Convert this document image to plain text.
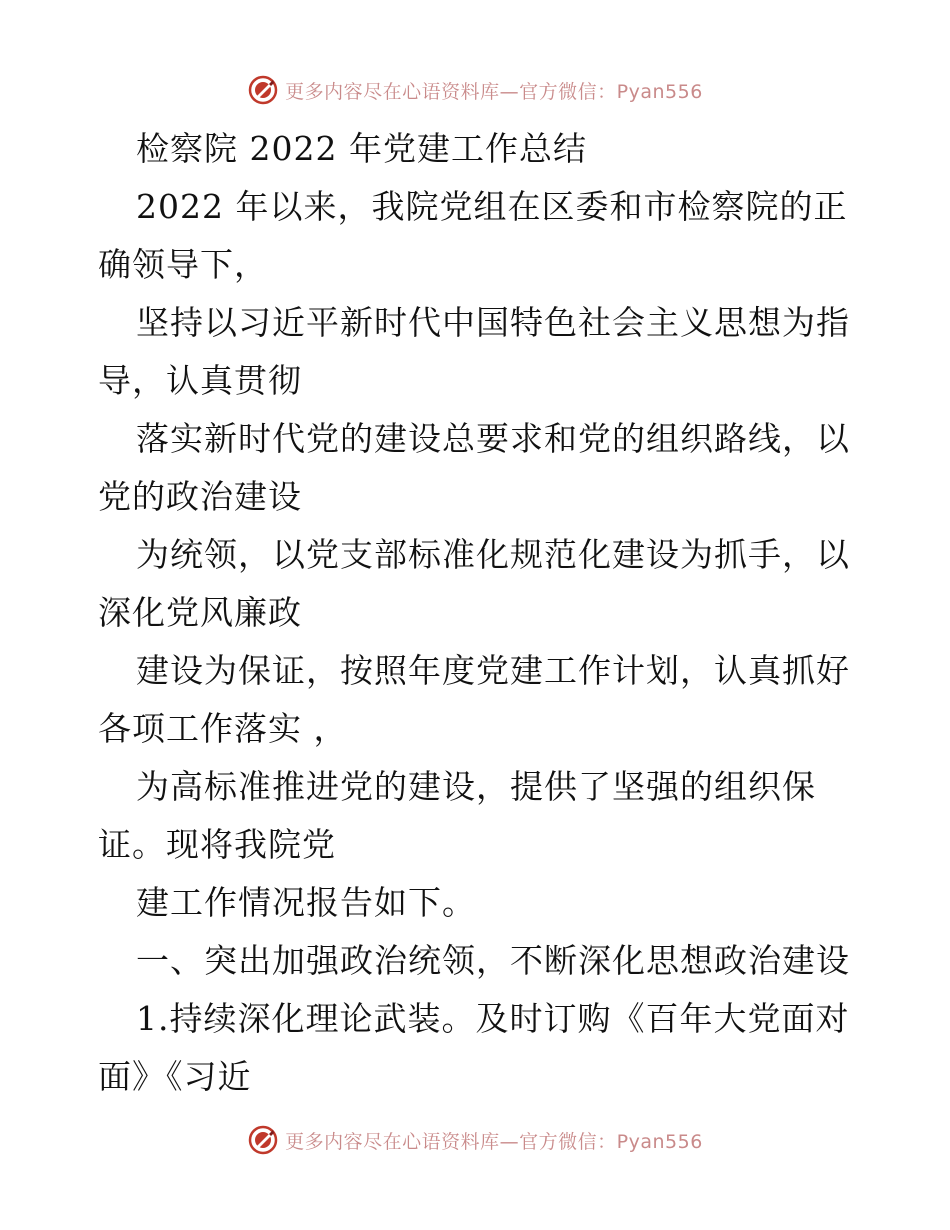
更多内容尽在心语资料库—官方微信：Pyan556
检察院 2022 年党建工作总结
2022 年以来，我院党组在区委和市检察院的正
确领导下，
坚持以习近平新时代中国特色社会主义思想为指
导，认真贯彻
落实新时代党的建设总要求和党的组织路线，以
党的政治建设
为统领，以党支部标准化规范化建设为抓手，以
深化党风廉政
建设为保证，按照年度党建工作计划，认真抓好
各项工作落实 ，
为高标准推进党的建设，提供了坚强的组织保
证。现将我院党
建工作情况报告如下。
一、突出加强政治统领，不断深化思想政治建设
1.持续深化理论武装。及时订购《百年大党面对
面》《习近
更多内容尽在心语资料库—官方微信：Pyan556
